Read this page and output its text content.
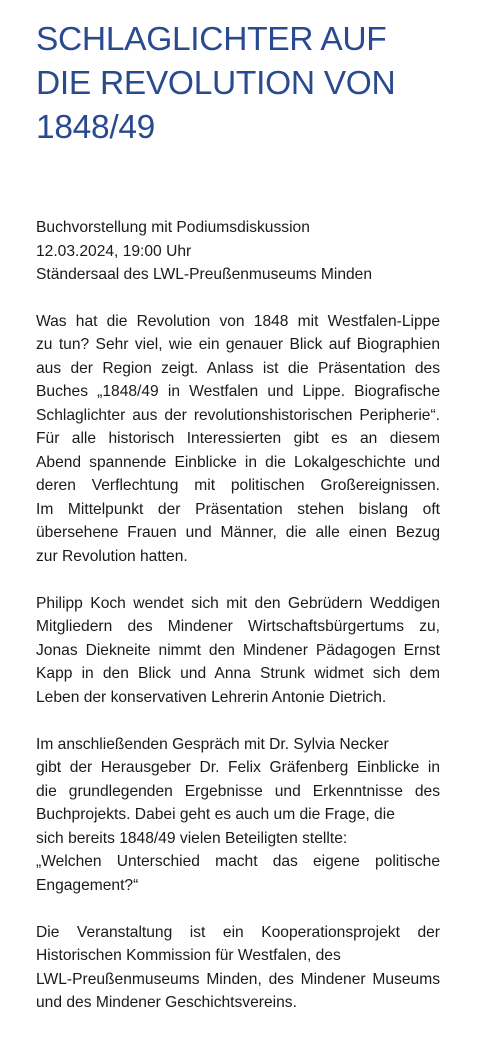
SCHLAGLICHTER AUF
DIE REVOLUTION VON
1848/49
Buchvorstellung mit Podiumsdiskussion
12.03.2024, 19:00 Uhr
Ständersaal des LWL-Preußenmuseums Minden

Was hat die Revolution von 1848 mit Westfalen-Lippe
zu tun? Sehr viel, wie ein genauer Blick auf Biographien
aus der Region zeigt. Anlass ist die Präsentation des
Buches „1848/49 in Westfalen und Lippe. Biografische
Schlaglichter aus der revolutionshistorischen Peripherie“.
Für alle historisch Interessierten gibt es an diesem
Abend spannende Einblicke in die Lokalgeschichte und
deren Verflechtung mit politischen Großereignissen.
Im Mittelpunkt der Präsentation stehen bislang oft
übersehene Frauen und Männer, die alle einen Bezug
zur Revolution hatten.

Philipp Koch wendet sich mit den Gebrüdern Weddigen
Mitgliedern des Mindener Wirtschaftsbürgertums zu,
Jonas Diekneite nimmt den Mindener Pädagogen Ernst
Kapp in den Blick und Anna Strunk widmet sich dem
Leben der konservativen Lehrerin Antonie Dietrich.

Im anschließenden Gespräch mit Dr. Sylvia Necker
gibt der Herausgeber Dr. Felix Gräfenberg Einblicke in
die grundlegenden Ergebnisse und Erkenntnisse des
Buchprojekts. Dabei geht es auch um die Frage, die
sich bereits 1848/49 vielen Beteiligten stellte:
„Welchen Unterschied macht das eigene politische
Engagement?“

Die Veranstaltung ist ein Kooperationsprojekt der
Historischen Kommission für Westfalen, des
LWL-Preußenmuseums Minden, des Mindener Museums
und des Mindener Geschichtsvereins.
